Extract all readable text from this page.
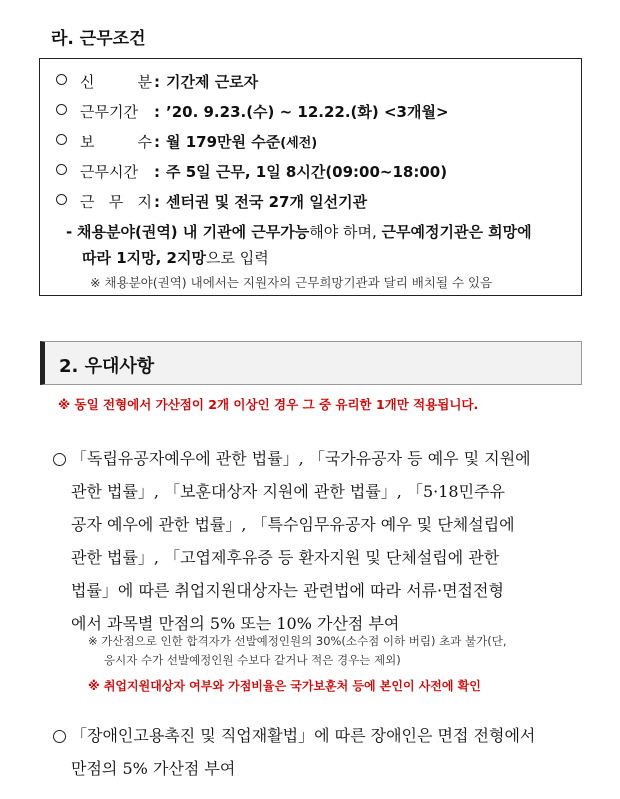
라. 근무조건
신	분 : 기간제 근로자
근무기간 : ’20. 9.23.(수) ~ 12.22.(화) <3개월>
보	수 : 월 179만원 수준(세전)
근무시간 : 주 5일 근무, 1일 8시간(09:00~18:00)
근 무 지 : 센터권 및 전국 27개 일선기관
- 채용분야(권역) 내 기관에 근무가능해야 하며, 근무예정기관은 희망에
따라 1지망, 2지망으로 입력
※ 채용분야(권역) 내에서는 지원자의 근무희망기관과 달리 배치될 수 있음
2. 우대사항
※ 동일 전형에서 가산점이 2개 이상인 경우 그 중 유리한 1개만 적용됩니다.
「독립유공자예우에 관한 법률」, 「국가유공자 등 예우 및 지원에
관한 법률」, 「보훈대상자 지원에 관한 법률」, 「5·18민주유
공자 예우에 관한 법률」, 「특수임무유공자 예우 및 단체설립에
관한 법률」, 「고엽제후유증 등 환자지원 및 단체설립에 관한
법률」에 따른 취업지원대상자는 관련법에 따라 서류·면접전형
에서 과목별 만점의 5% 또는 10% 가산점 부여
※ 가산점으로 인한 합격자가 선발예정인원의 30%(소수점 이하 버림) 초과 불가(단,
응시자 수가 선발예정인원 수보다 같거나 적은 경우는 제외)
※ 취업지원대상자 여부와 가점비율은 국가보훈처 등에 본인이 사전에 확인
「장애인고용촉진 및 직업재활법」에 따른 장애인은 면접 전형에서
만점의 5% 가산점 부여
